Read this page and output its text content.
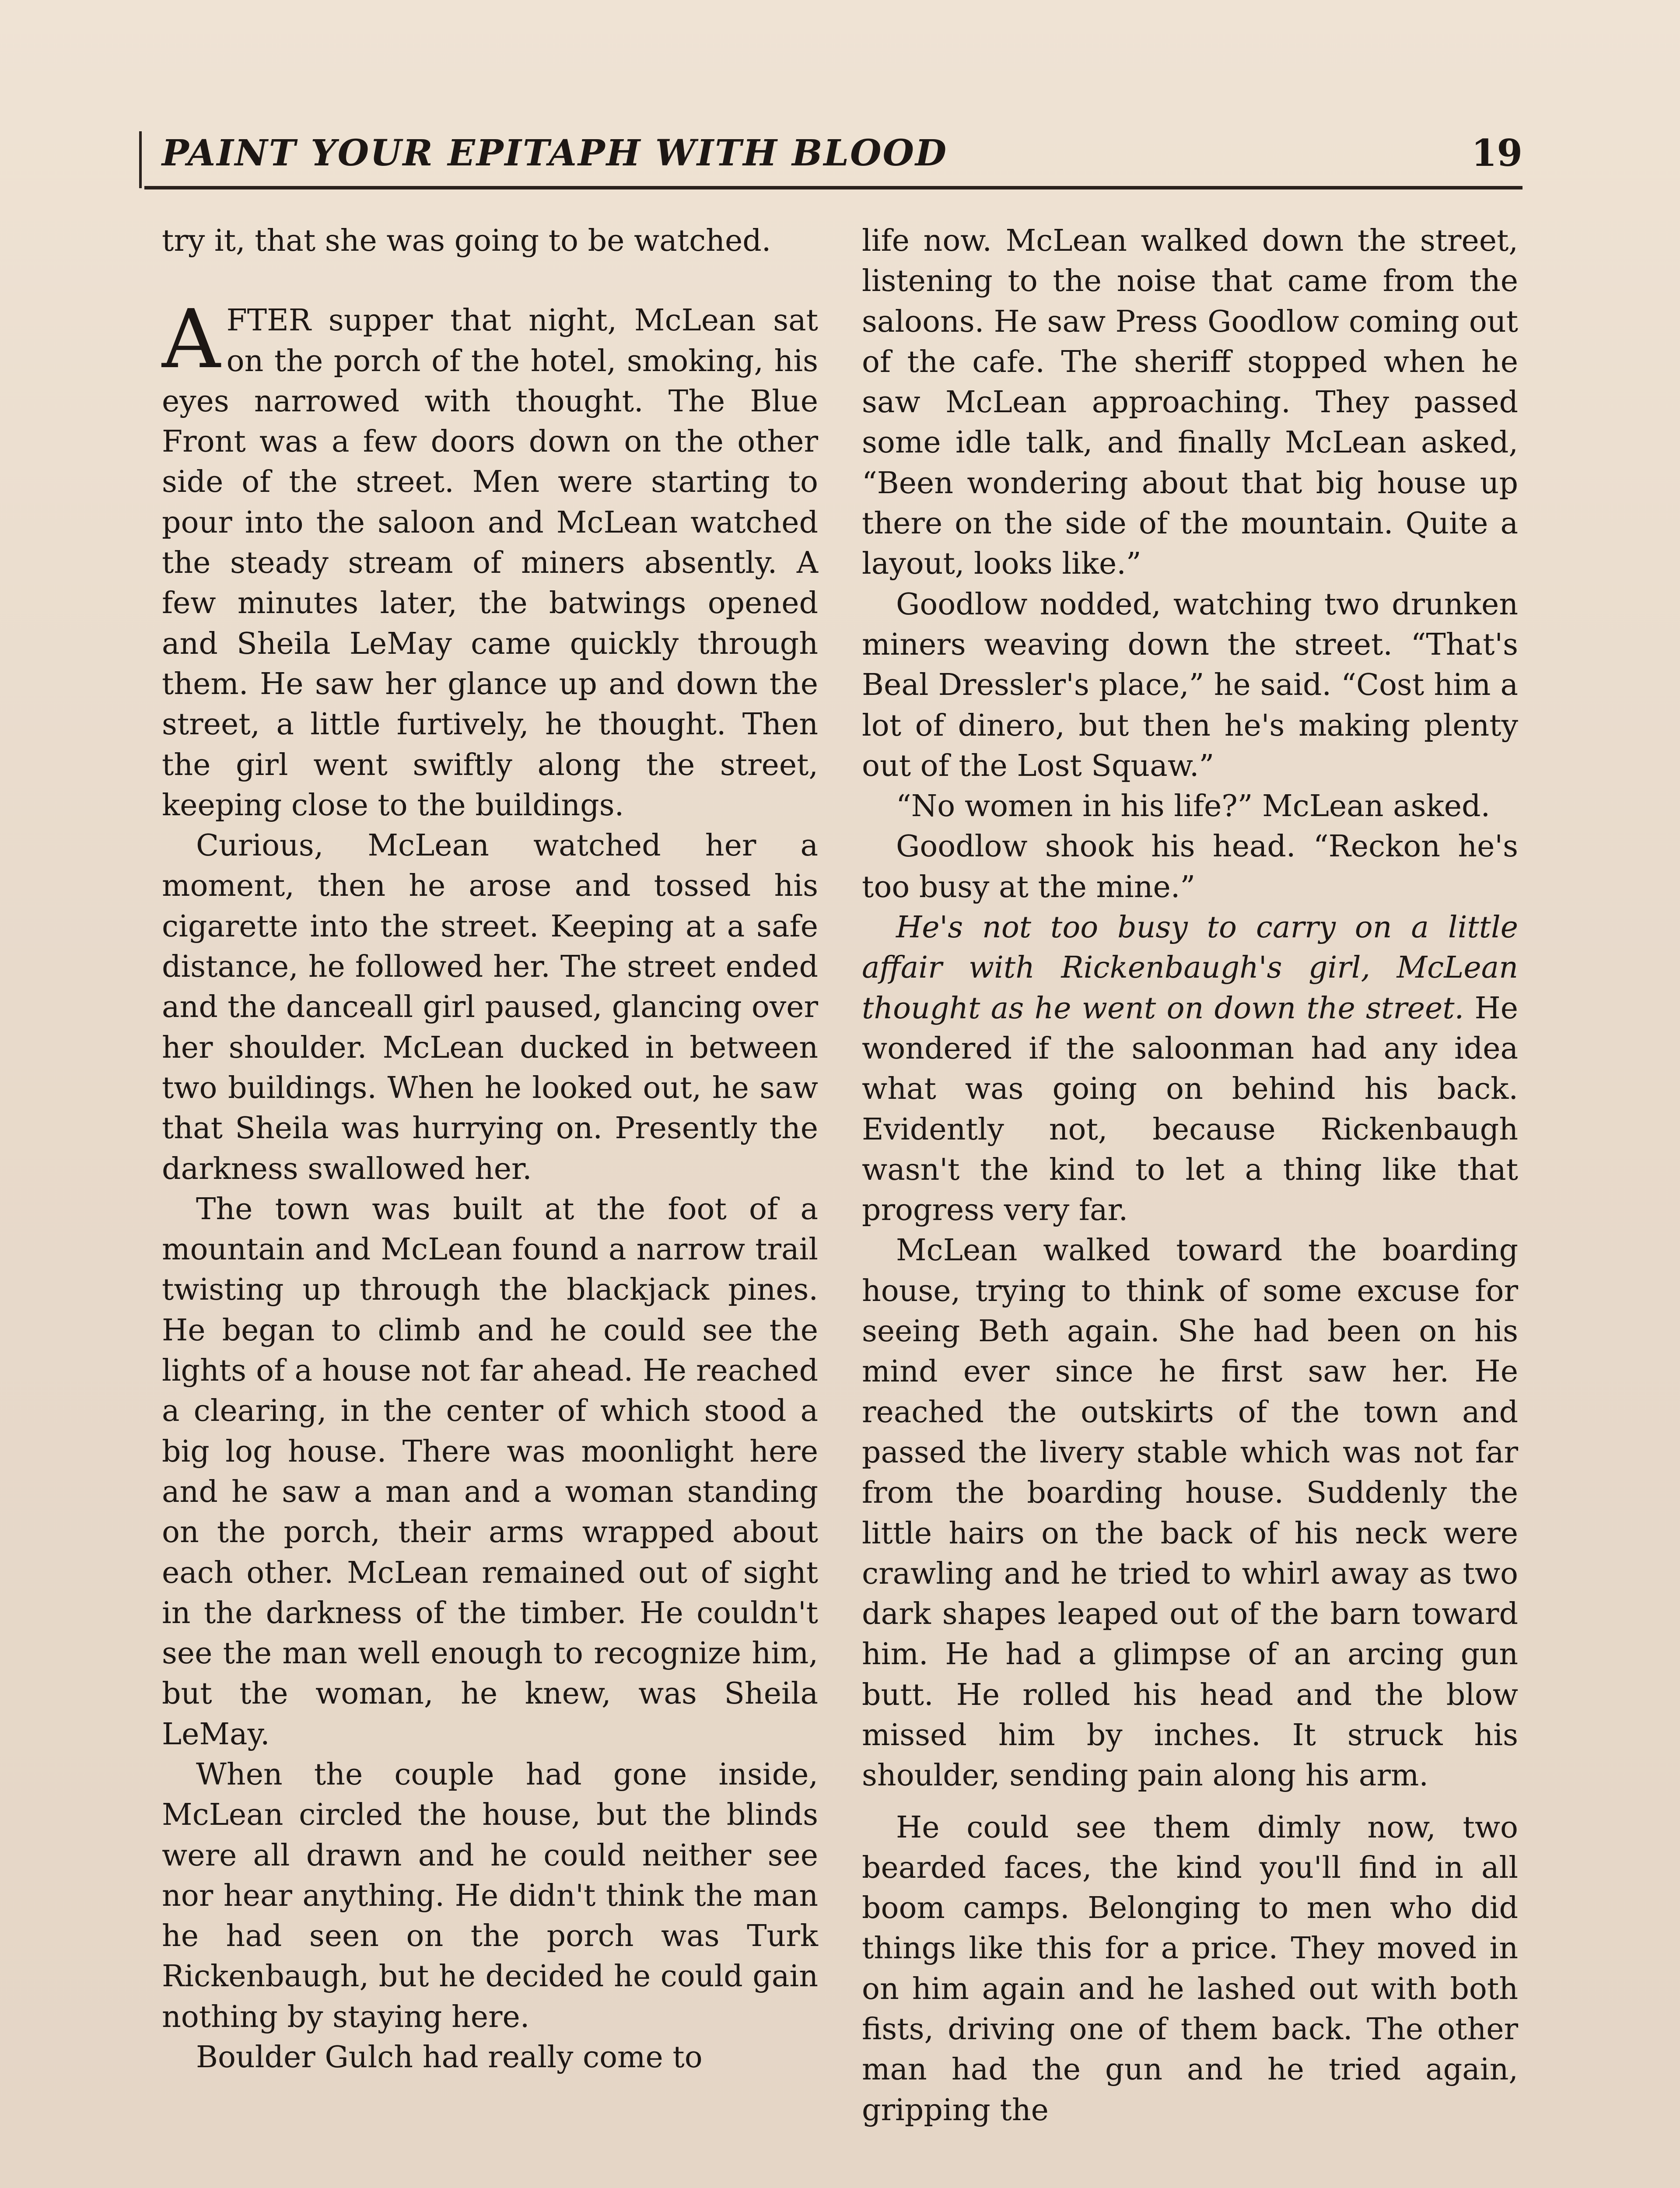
PAINT YOUR EPITAPH WITH BLOOD	19

try it, that she was going to be watched.

AFTER supper that night, McLean sat on the porch of the hotel, smoking, his eyes narrowed with thought. The Blue Front was a few doors down on the other side of the street. Men were starting to pour into the saloon and McLean watched the steady stream of miners absently. A few minutes later, the batwings opened and Sheila LeMay came quickly through them. He saw her glance up and down the street, a little furtively, he thought. Then the girl went swiftly along the street, keeping close to the buildings.

Curious, McLean watched her a moment, then he arose and tossed his cigarette into the street. Keeping at a safe distance, he followed her. The street ended and the danceall girl paused, glancing over her shoulder. McLean ducked in between two buildings. When he looked out, he saw that Sheila was hurrying on. Presently the darkness swallowed her.

The town was built at the foot of a mountain and McLean found a narrow trail twisting up through the blackjack pines. He began to climb and he could see the lights of a house not far ahead. He reached a clearing, in the center of which stood a big log house. There was moonlight here and he saw a man and a woman standing on the porch, their arms wrapped about each other. McLean remained out of sight in the darkness of the timber. He couldn't see the man well enough to recognize him, but the woman, he knew, was Sheila LeMay.

When the couple had gone inside, McLean circled the house, but the blinds were all drawn and he could neither see nor hear anything. He didn't think the man he had seen on the porch was Turk Rickenbaugh, but he decided he could gain nothing by staying here.

Boulder Gulch had really come to

life now. McLean walked down the street, listening to the noise that came from the saloons. He saw Press Goodlow coming out of the cafe. The sheriff stopped when he saw McLean approaching. They passed some idle talk, and finally McLean asked, “Been wondering about that big house up there on the side of the mountain. Quite a layout, looks like.”

Goodlow nodded, watching two drunken miners weaving down the street. “That's Beal Dressler's place,” he said. “Cost him a lot of dinero, but then he's making plenty out of the Lost Squaw.”

“No women in his life?” McLean asked.

Goodlow shook his head. “Reckon he's too busy at the mine.”

He's not too busy to carry on a little affair with Rickenbaugh's girl, McLean thought as he went on down the street. He wondered if the saloonman had any idea what was going on behind his back. Evidently not, because Rickenbaugh wasn't the kind to let a thing like that progress very far.

McLean walked toward the boarding house, trying to think of some excuse for seeing Beth again. She had been on his mind ever since he first saw her. He reached the outskirts of the town and passed the livery stable which was not far from the boarding house. Suddenly the little hairs on the back of his neck were crawling and he tried to whirl away as two dark shapes leaped out of the barn toward him. He had a glimpse of an arcing gun butt. He rolled his head and the blow missed him by inches. It struck his shoulder, sending pain along his arm.

He could see them dimly now, two bearded faces, the kind you'll find in all boom camps. Belonging to men who did things like this for a price. They moved in on him again and he lashed out with both fists, driving one of them back. The other man had the gun and he tried again, gripping the
